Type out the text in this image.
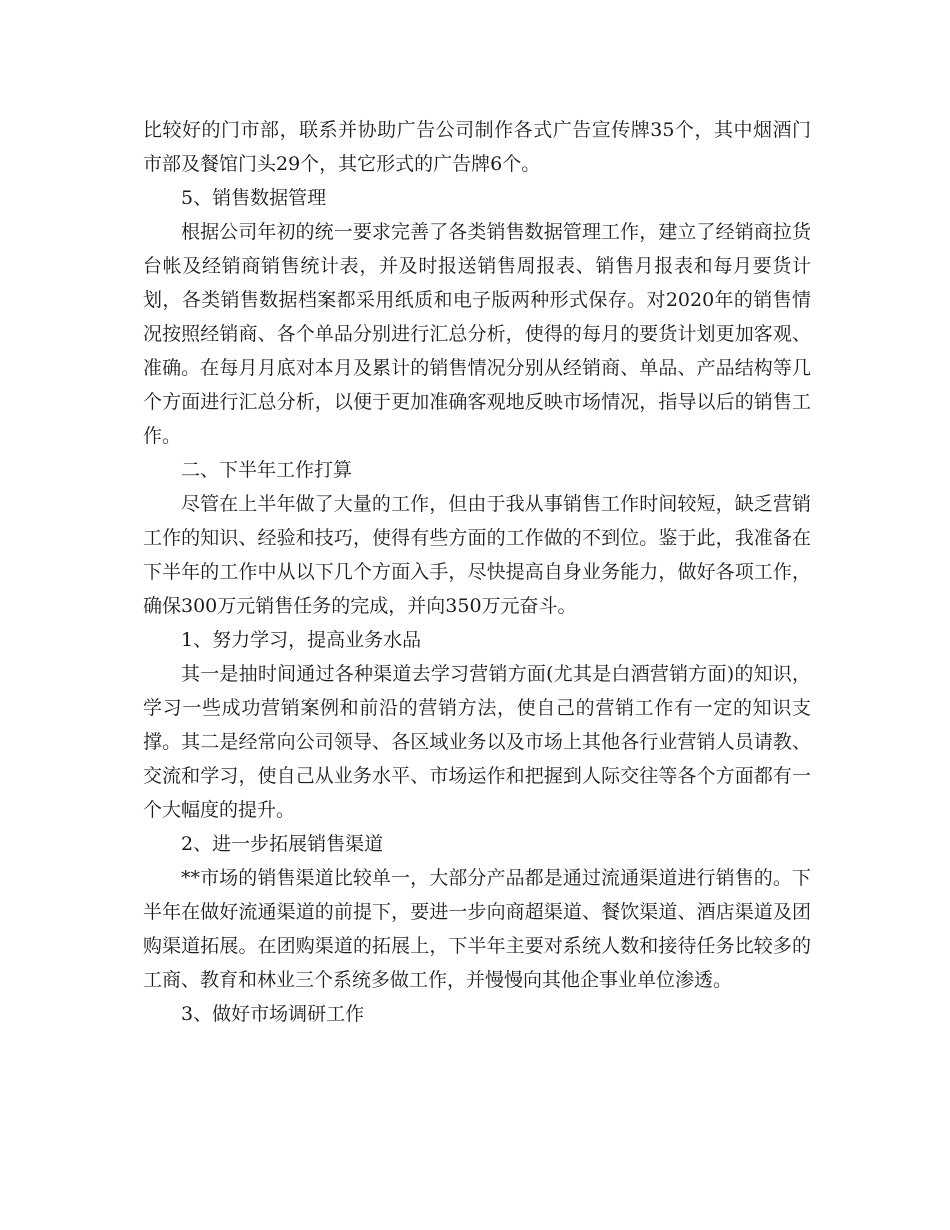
比较好的门市部，联系并协助广告公司制作各式广告宣传牌35个，其中烟酒门市部及餐馆门头29个，其它形式的广告牌6个。

5、销售数据管理

根据公司年初的统一要求完善了各类销售数据管理工作，建立了经销商拉货台帐及经销商销售统计表，并及时报送销售周报表、销售月报表和每月要货计划，各类销售数据档案都采用纸质和电子版两种形式保存。对2020年的销售情况按照经销商、各个单品分别进行汇总分析，使得的每月的要货计划更加客观、准确。在每月月底对本月及累计的销售情况分别从经销商、单品、产品结构等几个方面进行汇总分析，以便于更加准确客观地反映市场情况，指导以后的销售工作。

二、下半年工作打算

尽管在上半年做了大量的工作，但由于我从事销售工作时间较短，缺乏营销工作的知识、经验和技巧，使得有些方面的工作做的不到位。鉴于此，我准备在下半年的工作中从以下几个方面入手，尽快提高自身业务能力，做好各项工作，确保300万元销售任务的完成，并向350万元奋斗。

1、努力学习，提高业务水品

其一是抽时间通过各种渠道去学习营销方面(尤其是白酒营销方面)的知识，学习一些成功营销案例和前沿的营销方法，使自己的营销工作有一定的知识支撑。其二是经常向公司领导、各区域业务以及市场上其他各行业营销人员请教、交流和学习，使自己从业务水平、市场运作和把握到人际交往等各个方面都有一个大幅度的提升。

2、进一步拓展销售渠道

**市场的销售渠道比较单一，大部分产品都是通过流通渠道进行销售的。下半年在做好流通渠道的前提下，要进一步向商超渠道、餐饮渠道、酒店渠道及团购渠道拓展。在团购渠道的拓展上，下半年主要对系统人数和接待任务比较多的工商、教育和林业三个系统多做工作，并慢慢向其他企事业单位渗透。

3、做好市场调研工作
